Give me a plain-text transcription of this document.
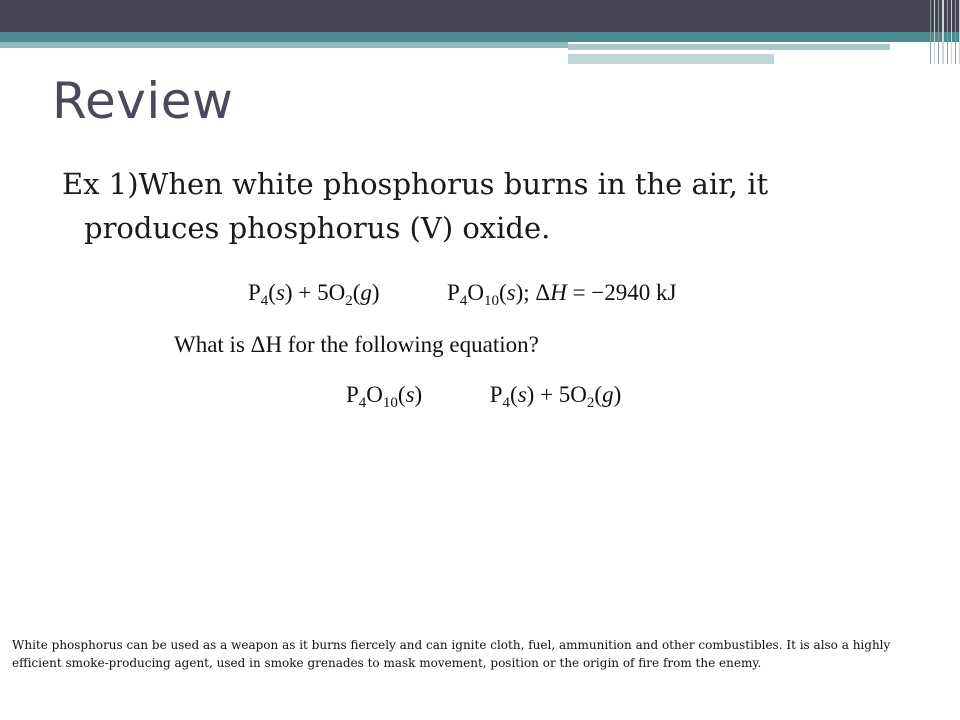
Review
Ex 1)When white phosphorus burns in the air, it
produces phosphorus (V) oxide.
$P_4(s) + 5O_2(g)$	$P_4O_{10}(s)$; ΔH = −2940 kJ
What is ΔH for the following equation?
$P_4O_{10}(s)$	$P_4(s) + 5O_2(g)$
White phosphorus can be used as a weapon as it burns fiercely and can ignite cloth, fuel, ammunition and other combustibles. It is also a highly efficient smoke-producing agent, used in smoke grenades to mask movement, position or the origin of fire from the enemy.
